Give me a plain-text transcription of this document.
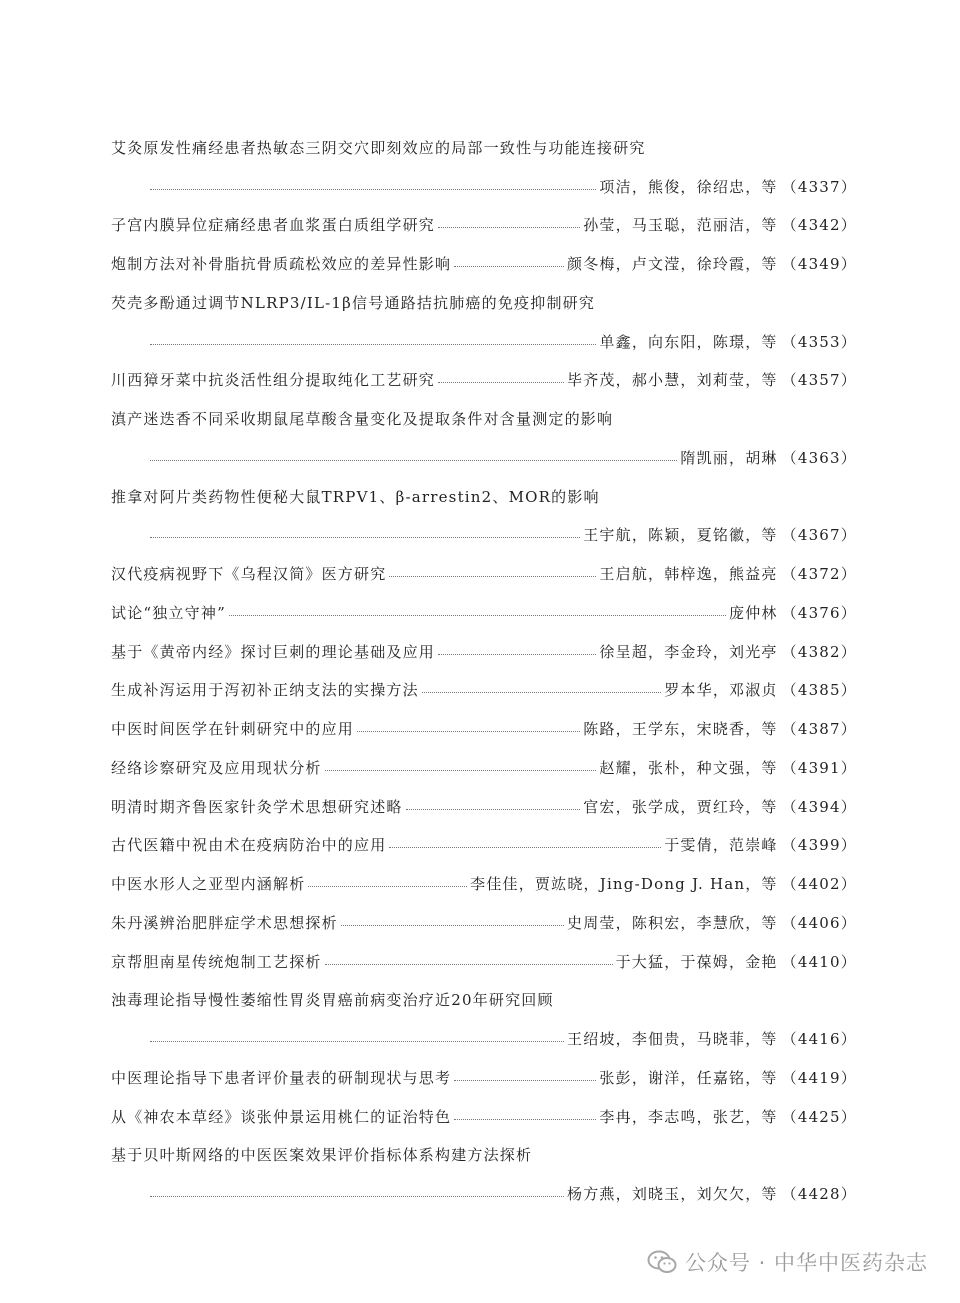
艾灸原发性痛经患者热敏态三阴交穴即刻效应的局部一致性与功能连接研究
项洁，熊俊，徐绍忠，等 （4337）
子宫内膜异位症痛经患者血浆蛋白质组学研究	孙莹，马玉聪，范丽洁，等 （4342）
炮制方法对补骨脂抗骨质疏松效应的差异性影响	颜冬梅，卢文滢，徐玲霞，等 （4349）
芡壳多酚通过调节NLRP3/IL-1β信号通路拮抗肺癌的免疫抑制研究
单鑫，向东阳，陈璟，等 （4353）
川西獐牙菜中抗炎活性组分提取纯化工艺研究	毕齐茂，郝小慧，刘莉莹，等 （4357）
滇产迷迭香不同采收期鼠尾草酸含量变化及提取条件对含量测定的影响
隋凯丽，胡琳 （4363）
推拿对阿片类药物性便秘大鼠TRPV1、β-arrestin2、MOR的影响
王宇航，陈颖，夏铭徽，等 （4367）
汉代疫病视野下《乌程汉简》医方研究	王启航，韩梓逸，熊益亮 （4372）
试论“独立守神”	庞仲林 （4376）
基于《黄帝内经》探讨巨刺的理论基础及应用	徐呈超，李金玲，刘光亭 （4382）
生成补泻运用于泻初补正纳支法的实操方法	罗本华，邓淑贞 （4385）
中医时间医学在针刺研究中的应用	陈路，王学东，宋晓香，等 （4387）
经络诊察研究及应用现状分析	赵耀，张朴，种文强，等 （4391）
明清时期齐鲁医家针灸学术思想研究述略	官宏，张学成，贾红玲，等 （4394）
古代医籍中祝由术在疫病防治中的应用	于雯倩，范崇峰 （4399）
中医水形人之亚型内涵解析	李佳佳，贾竑晓，Jing-Dong J. Han，等 （4402）
朱丹溪辨治肥胖症学术思想探析	史周莹，陈积宏，李慧欣，等 （4406）
京帮胆南星传统炮制工艺探析	于大猛，于葆姆，金艳 （4410）
浊毒理论指导慢性萎缩性胃炎胃癌前病变治疗近20年研究回顾
王绍坡，李佃贵，马晓菲，等 （4416）
中医理论指导下患者评价量表的研制现状与思考	张彭，谢洋，任嘉铭，等 （4419）
从《神农本草经》谈张仲景运用桃仁的证治特色	李冉，李志鸣，张艺，等 （4425）
基于贝叶斯网络的中医医案效果评价指标体系构建方法探析
杨方燕，刘晓玉，刘欠欠，等 （4428）
公众号 · 中华中医药杂志
